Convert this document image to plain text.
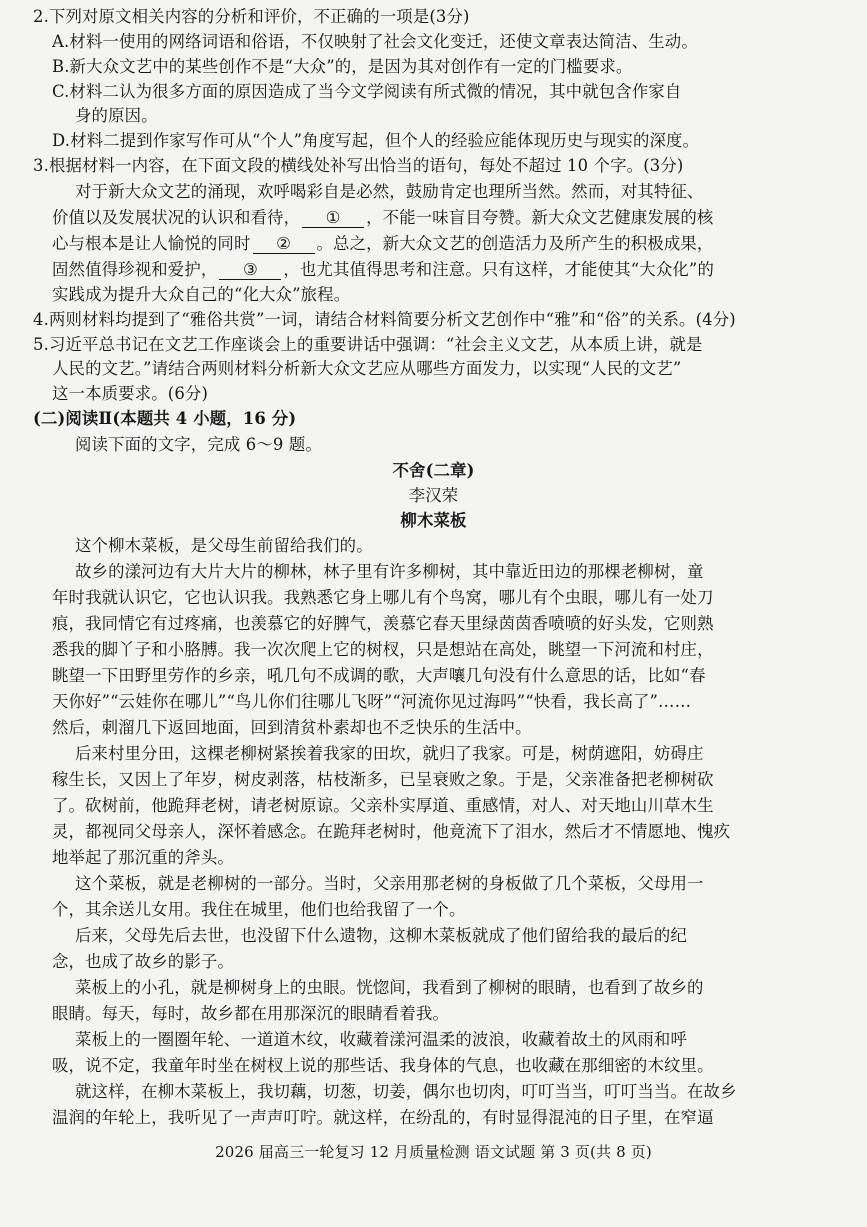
2.下列对原文相关内容的分析和评价，不正确的一项是(3分)
A.材料一使用的网络词语和俗语，不仅映射了社会文化变迁，还使文章表达简洁、生动。
B.新大众文艺中的某些创作不是“大众”的，是因为其对创作有一定的门槛要求。
C.材料二认为很多方面的原因造成了当今文学阅读有所式微的情况，其中就包含作家自
身的原因。
D.材料二提到作家写作可从“个人”角度写起，但个人的经验应能体现历史与现实的深度。
3.根据材料一内容，在下面文段的横线处补写出恰当的语句，每处不超过 10 个字。(3分)
对于新大众文艺的涌现，欢呼喝彩自是必然，鼓励肯定也理所当然。然而，对其特征、
价值以及发展状况的认识和看待， ① ，不能一味盲目夸赞。新大众文艺健康发展的核
心与根本是让人愉悦的同时 ② 。总之，新大众文艺的创造活力及所产生的积极成果，
固然值得珍视和爱护， ③ ，也尤其值得思考和注意。只有这样，才能使其“大众化”的
实践成为提升大众自己的“化大众”旅程。
4.两则材料均提到了“雅俗共赏”一词，请结合材料简要分析文艺创作中“雅”和“俗”的关系。(4分)
5.习近平总书记在文艺工作座谈会上的重要讲话中强调：“社会主义文艺，从本质上讲，就是
人民的文艺。”请结合两则材料分析新大众文艺应从哪些方面发力，以实现“人民的文艺”
这一本质要求。(6分)
(二)阅读Ⅱ(本题共 4 小题，16 分)
阅读下面的文字，完成 6～9 题。
不舍(二章)
李汉荣
柳木菜板
这个柳木菜板，是父母生前留给我们的。
故乡的漾河边有大片大片的柳林，林子里有许多柳树，其中靠近田边的那棵老柳树，童
年时我就认识它，它也认识我。我熟悉它身上哪儿有个鸟窝，哪儿有个虫眼，哪儿有一处刀
痕，我同情它有过疼痛，也羡慕它的好脾气，羡慕它春天里绿茵茵香喷喷的好头发，它则熟
悉我的脚丫子和小胳膊。我一次次爬上它的树杈，只是想站在高处，眺望一下河流和村庄，
眺望一下田野里劳作的乡亲，吼几句不成调的歌，大声嚷几句没有什么意思的话，比如“春
天你好”“云娃你在哪儿”“鸟儿你们往哪儿飞呀”“河流你见过海吗”“快看，我长高了”……
然后，刺溜几下返回地面，回到清贫朴素却也不乏快乐的生活中。
后来村里分田，这棵老柳树紧挨着我家的田坎，就归了我家。可是，树荫遮阳，妨碍庄
稼生长，又因上了年岁，树皮剥落，枯枝渐多，已呈衰败之象。于是，父亲准备把老柳树砍
了。砍树前，他跪拜老树，请老树原谅。父亲朴实厚道、重感情，对人、对天地山川草木生
灵，都视同父母亲人，深怀着感念。在跪拜老树时，他竟流下了泪水，然后才不情愿地、愧疚
地举起了那沉重的斧头。
这个菜板，就是老柳树的一部分。当时，父亲用那老树的身板做了几个菜板，父母用一
个，其余送儿女用。我住在城里，他们也给我留了一个。
后来，父母先后去世，也没留下什么遗物，这柳木菜板就成了他们留给我的最后的纪
念，也成了故乡的影子。
菜板上的小孔，就是柳树身上的虫眼。恍惚间，我看到了柳树的眼睛，也看到了故乡的
眼睛。每天，每时，故乡都在用那深沉的眼睛看着我。
菜板上的一圈圈年轮、一道道木纹，收藏着漾河温柔的波浪，收藏着故土的风雨和呼
吸，说不定，我童年时坐在树杈上说的那些话、我身体的气息，也收藏在那细密的木纹里。
就这样，在柳木菜板上，我切藕，切葱，切姜，偶尔也切肉，叮叮当当，叮叮当当。在故乡
温润的年轮上，我听见了一声声叮咛。就这样，在纷乱的，有时显得混沌的日子里，在窄逼
2026 届高三一轮复习 12 月质量检测 语文试题 第 3 页(共 8 页)
